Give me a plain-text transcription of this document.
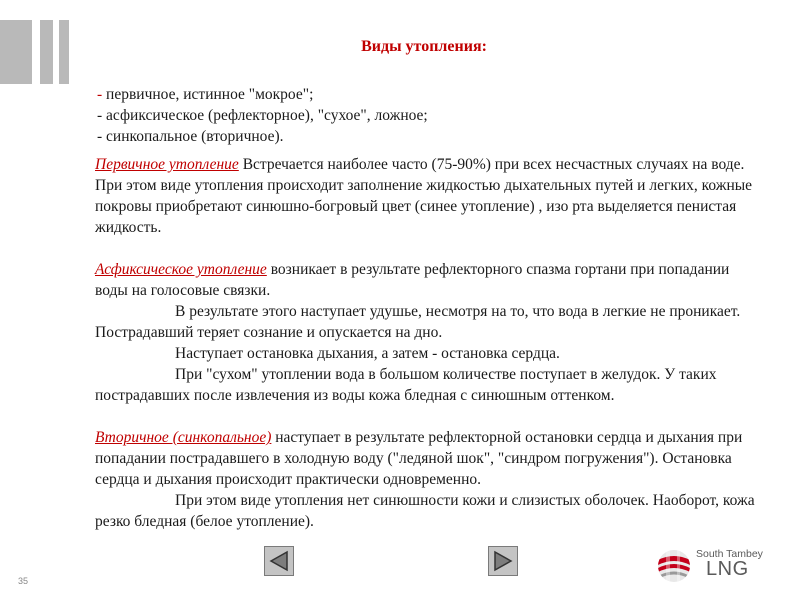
Виды утопления:
- первичное, истинное "мокрое";
- асфиксическое (рефлекторное), "сухое", ложное;
- синкопальное (вторичное).

Первичное утопление Встречается наиболее часто (75-90%) при всех несчастных случаях на воде. При этом виде утопления происходит заполнение жидкостью дыхательных путей и легких, кожные покровы приобретают синюшно-богровый цвет (синее утопление) , изо рта выделяется пенистая жидкость.

Асфиксическое утопление возникает в результате рефлекторного спазма гортани при попадании воды на голосовые связки.

В результате этого наступает удушье, несмотря на то, что вода в легкие не проникает. Пострадавший теряет сознание и опускается на дно.

Наступает остановка дыхания, а затем - остановка сердца.

При "сухом" утоплении вода в большом количестве поступает в желудок. У таких пострадавших после извлечения из воды кожа бледная с синюшным оттенком.

Вторичное (синкопальное) наступает в результате рефлекторной остановки сердца и дыхания при попадании пострадавшего в холодную воду ("ледяной шок", "синдром погружения"). Остановка сердца и дыхания происходит практически одновременно.

При этом виде утопления нет синюшности кожи и слизистых оболочек. Наоборот, кожа резко бледная (белое утопление).

35
South Tambey
LNG
